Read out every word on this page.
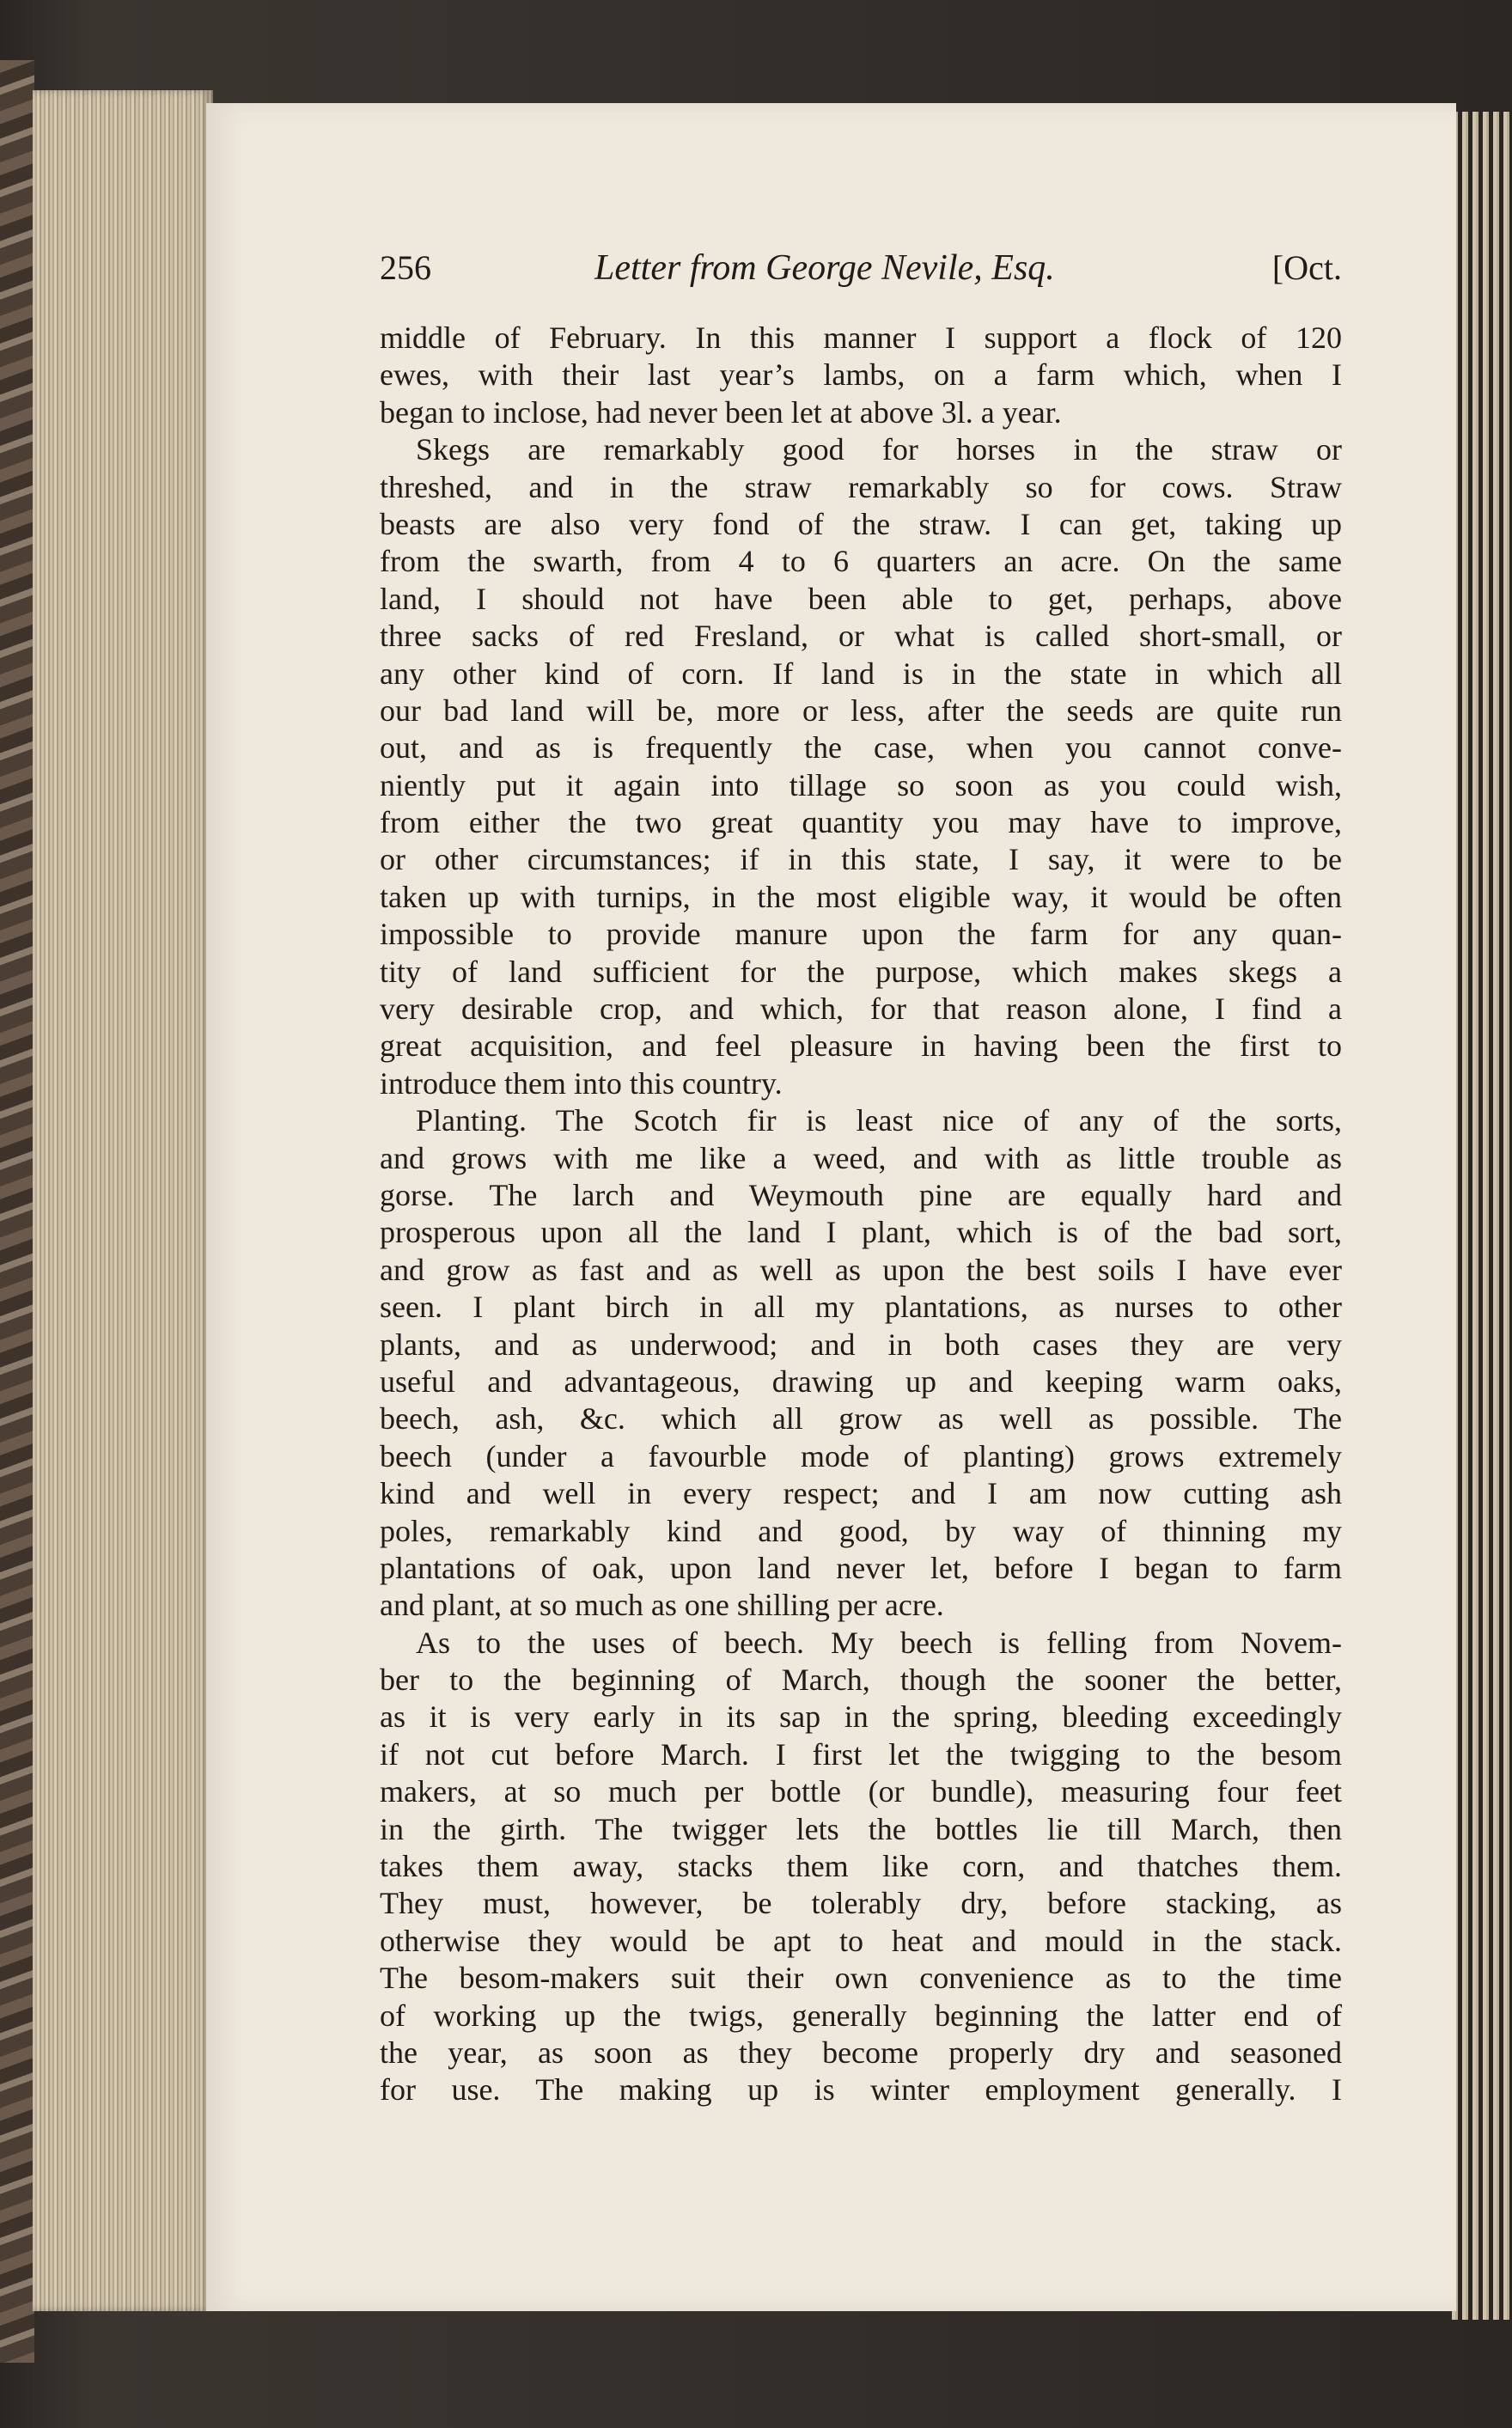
256	Letter from George Nevile, Esq.	[Oct.
middle of February. In this manner I support a flock of 120
ewes, with their last year’s lambs, on a farm which, when I
began to inclose, had never been let at above 3l. a year.
Skegs are remarkably good for horses in the straw or
threshed, and in the straw remarkably so for cows. Straw
beasts are also very fond of the straw. I can get, taking up
from the swarth, from 4 to 6 quarters an acre. On the same
land, I should not have been able to get, perhaps, above
three sacks of red Fresland, or what is called short-small, or
any other kind of corn. If land is in the state in which all
our bad land will be, more or less, after the seeds are quite run
out, and as is frequently the case, when you cannot conve-
niently put it again into tillage so soon as you could wish,
from either the two great quantity you may have to improve,
or other circumstances; if in this state, I say, it were to be
taken up with turnips, in the most eligible way, it would be often
impossible to provide manure upon the farm for any quan-
tity of land sufficient for the purpose, which makes skegs a
very desirable crop, and which, for that reason alone, I find a
great acquisition, and feel pleasure in having been the first to
introduce them into this country.
Planting. The Scotch fir is least nice of any of the sorts,
and grows with me like a weed, and with as little trouble as
gorse. The larch and Weymouth pine are equally hard and
prosperous upon all the land I plant, which is of the bad sort,
and grow as fast and as well as upon the best soils I have ever
seen. I plant birch in all my plantations, as nurses to other
plants, and as underwood; and in both cases they are very
useful and advantageous, drawing up and keeping warm oaks,
beech, ash, &c. which all grow as well as possible. The
beech (under a favourble mode of planting) grows extremely
kind and well in every respect; and I am now cutting ash
poles, remarkably kind and good, by way of thinning my
plantations of oak, upon land never let, before I began to farm
and plant, at so much as one shilling per acre.
As to the uses of beech. My beech is felling from Novem-
ber to the beginning of March, though the sooner the better,
as it is very early in its sap in the spring, bleeding exceedingly
if not cut before March. I first let the twigging to the besom
makers, at so much per bottle (or bundle), measuring four feet
in the girth. The twigger lets the bottles lie till March, then
takes them away, stacks them like corn, and thatches them.
They must, however, be tolerably dry, before stacking, as
otherwise they would be apt to heat and mould in the stack.
The besom-makers suit their own convenience as to the time
of working up the twigs, generally beginning the latter end of
the year, as soon as they become properly dry and seasoned
for use. The making up is winter employment generally. I
